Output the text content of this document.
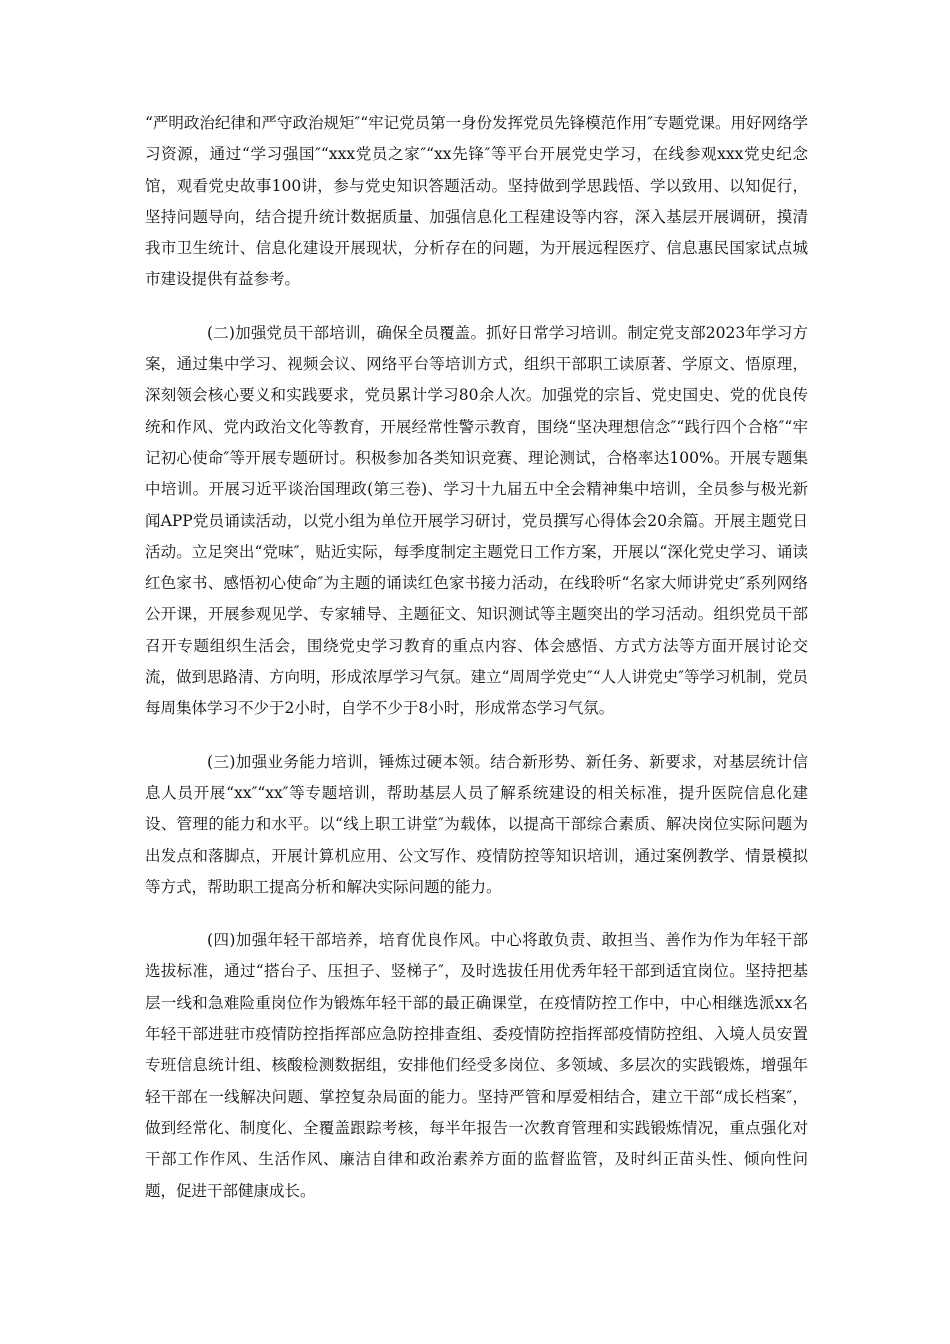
“严明政治纪律和严守政治规矩″“牢记党员第一身份发挥党员先锋模范作用″专题党课。用好网络学习资源，通过“学习强国″“xxx党员之家″“xx先锋″等平台开展党史学习，在线参观xxx党史纪念馆，观看党史故事100讲，参与党史知识答题活动。坚持做到学思践悟、学以致用、以知促行，坚持问题导向，结合提升统计数据质量、加强信息化工程建设等内容，深入基层开展调研，摸清我市卫生统计、信息化建设开展现状，分析存在的问题，为开展远程医疗、信息惠民国家试点城市建设提供有益参考。

(二)加强党员干部培训，确保全员覆盖。抓好日常学习培训。制定党支部2023年学习方案，通过集中学习、视频会议、网络平台等培训方式，组织干部职工读原著、学原文、悟原理，深刻领会核心要义和实践要求，党员累计学习80余人次。加强党的宗旨、党史国史、党的优良传统和作风、党内政治文化等教育，开展经常性警示教育，围绕“坚决理想信念″“践行四个合格″“牢记初心使命″等开展专题研讨。积极参加各类知识竞赛、理论测试，合格率达100%。开展专题集中培训。开展习近平谈治国理政(第三卷)、学习十九届五中全会精神集中培训，全员参与极光新闻APP党员诵读活动，以党小组为单位开展学习研讨，党员撰写心得体会20余篇。开展主题党日活动。立足突出“党味″，贴近实际，每季度制定主题党日工作方案，开展以“深化党史学习、诵读红色家书、感悟初心使命″为主题的诵读红色家书接力活动，在线聆听“名家大师讲党史″系列网络公开课，开展参观见学、专家辅导、主题征文、知识测试等主题突出的学习活动。组织党员干部召开专题组织生活会，围绕党史学习教育的重点内容、体会感悟、方式方法等方面开展讨论交流，做到思路清、方向明，形成浓厚学习气氛。建立“周周学党史″“人人讲党史″等学习机制，党员每周集体学习不少于2小时，自学不少于8小时，形成常态学习气氛。

(三)加强业务能力培训，锤炼过硬本领。结合新形势、新任务、新要求，对基层统计信息人员开展“xx″“xx″等专题培训，帮助基层人员了解系统建设的相关标准，提升医院信息化建设、管理的能力和水平。以“线上职工讲堂″为载体，以提高干部综合素质、解决岗位实际问题为出发点和落脚点，开展计算机应用、公文写作、疫情防控等知识培训，通过案例教学、情景模拟等方式，帮助职工提高分析和解决实际问题的能力。

(四)加强年轻干部培养，培育优良作风。中心将敢负责、敢担当、善作为作为年轻干部选拔标准，通过“搭台子、压担子、竖梯子″，及时选拔任用优秀年轻干部到适宜岗位。坚持把基层一线和急难险重岗位作为锻炼年轻干部的最正确课堂，在疫情防控工作中，中心相继选派xx名年轻干部进驻市疫情防控指挥部应急防控排查组、委疫情防控指挥部疫情防控组、入境人员安置专班信息统计组、核酸检测数据组，安排他们经受多岗位、多领域、多层次的实践锻炼，增强年轻干部在一线解决问题、掌控复杂局面的能力。坚持严管和厚爱相结合，建立干部“成长档案″，做到经常化、制度化、全覆盖跟踪考核，每半年报告一次教育管理和实践锻炼情况，重点强化对干部工作作风、生活作风、廉洁自律和政治素养方面的监督监管，及时纠正苗头性、倾向性问题，促进干部健康成长。
